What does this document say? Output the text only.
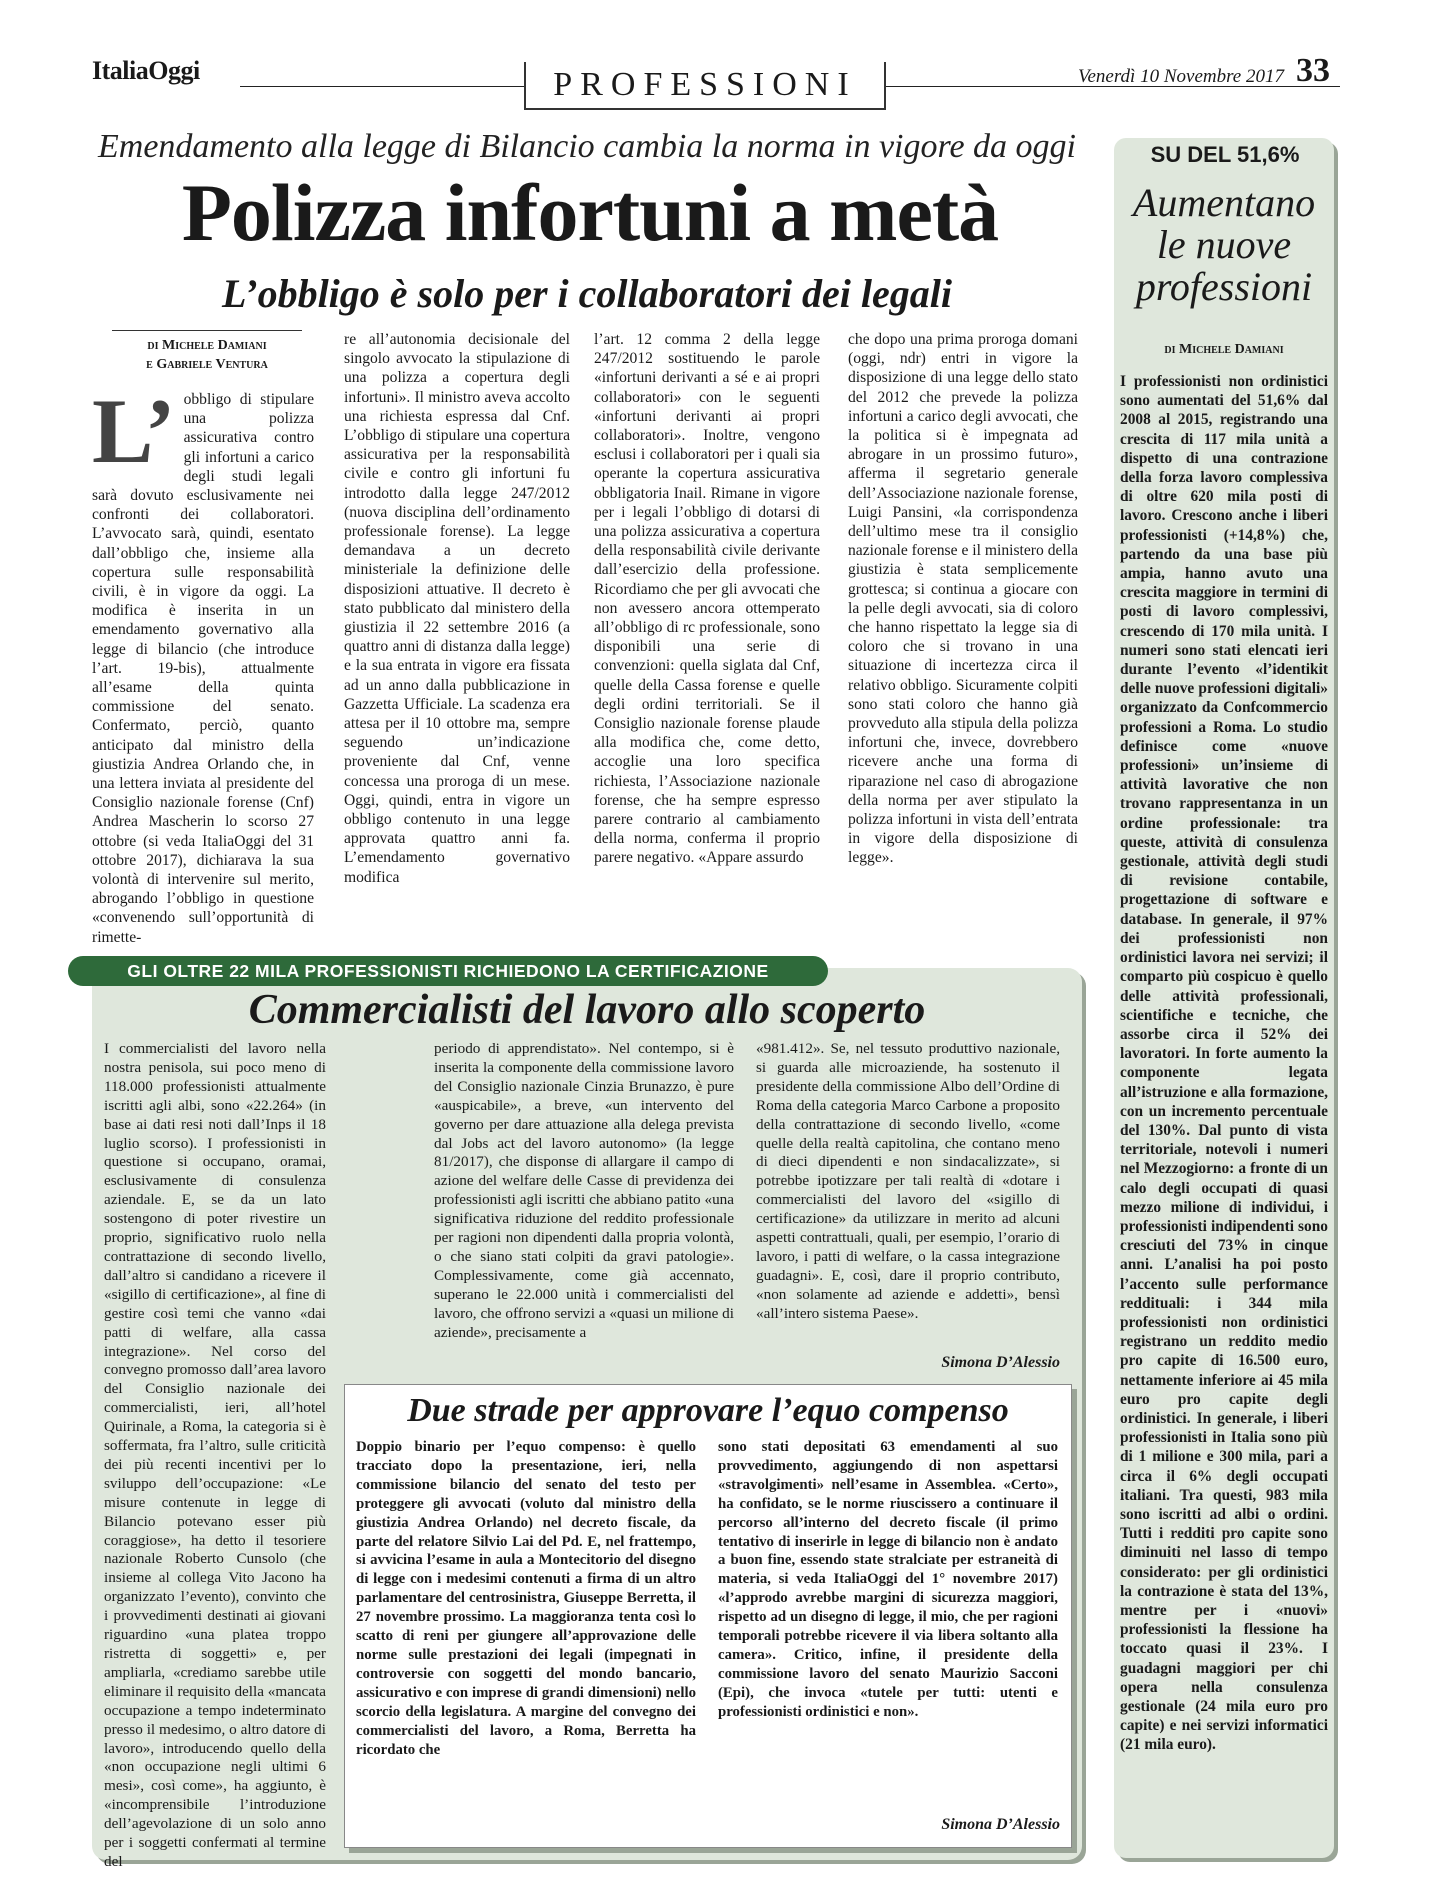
ItaliaOggi	PROFESSIONI	Venerdì 10 Novembre 2017 33
Emendamento alla legge di Bilancio cambia la norma in vigore da oggi
Polizza infortuni a metà
L’obbligo è solo per i collaboratori dei legali
di Michele Damiani
e Gabriele Ventura
L’ obbligo di stipulare una polizza assicurativa contro gli infortuni a carico degli studi legali sarà dovuto esclusivamente nei confronti dei collaboratori. L’avvocato sarà, quindi, esentato dall’obbligo che, insieme alla copertura sulle responsabilità civili, è in vigore da oggi. La modifica è inserita in un emendamento governativo alla legge di bilancio (che introduce l’art. 19-bis), attualmente all’esame della quinta commissione del senato. Confermato, perciò, quanto anticipato dal ministro della giustizia Andrea Orlando che, in una lettera inviata al presidente del Consiglio nazionale forense (Cnf) Andrea Mascherin lo scorso 27 ottobre (si veda ItaliaOggi del 31 ottobre 2017), dichiarava la sua volontà di intervenire sul merito, abrogando l’obbligo in questione «convenendo sull’opportunità di rimette-
re all’autonomia decisionale del singolo avvocato la stipulazione di una polizza a copertura degli infortuni». Il ministro aveva accolto una richiesta espressa dal Cnf. L’obbligo di stipulare una copertura assicurativa per la responsabilità civile e contro gli infortuni fu introdotto dalla legge 247/2012 (nuova disciplina dell’ordinamento professionale forense). La legge demandava a un decreto ministeriale la definizione delle disposizioni attuative. Il decreto è stato pubblicato dal ministero della giustizia il 22 settembre 2016 (a quattro anni di distanza dalla legge) e la sua entrata in vigore era fissata ad un anno dalla pubblicazione in Gazzetta Ufficiale. La scadenza era attesa per il 10 ottobre ma, sempre seguendo un’indicazione proveniente dal Cnf, venne concessa una proroga di un mese. Oggi, quindi, entra in vigore un obbligo contenuto in una legge approvata quattro anni fa. L’emendamento governativo modifica
l’art. 12 comma 2 della legge 247/2012 sostituendo le parole «infortuni derivanti a sé e ai propri collaboratori» con le seguenti «infortuni derivanti ai propri collaboratori». Inoltre, vengono esclusi i collaboratori per i quali sia operante la copertura assicurativa obbligatoria Inail. Rimane in vigore per i legali l’obbligo di dotarsi di una polizza assicurativa a copertura della responsabilità civile derivante dall’esercizio della professione. Ricordiamo che per gli avvocati che non avessero ancora ottemperato all’obbligo di rc professionale, sono disponibili una serie di convenzioni: quella siglata dal Cnf, quelle della Cassa forense e quelle degli ordini territoriali. Se il Consiglio nazionale forense plaude alla modifica che, come detto, accoglie una loro specifica richiesta, l’Associazione nazionale forense, che ha sempre espresso parere contrario al cambiamento della norma, conferma il proprio parere negativo. «Appare assurdo
che dopo una prima proroga domani (oggi, ndr) entri in vigore la disposizione di una legge dello stato del 2012 che prevede la polizza infortuni a carico degli avvocati, che la politica si è impegnata ad abrogare in un prossimo futuro», afferma il segretario generale dell’Associazione nazionale forense, Luigi Pansini, «la corrispondenza dell’ultimo mese tra il consiglio nazionale forense e il ministero della giustizia è stata semplicemente grottesca; si continua a giocare con la pelle degli avvocati, sia di coloro che hanno rispettato la legge sia di coloro che si trovano in una situazione di incertezza circa il relativo obbligo. Sicuramente colpiti sono stati coloro che hanno già provveduto alla stipula della polizza infortuni che, invece, dovrebbero ricevere anche una forma di riparazione nel caso di abrogazione della norma per aver stipulato la polizza infortuni in vista dell’entrata in vigore della disposizione di legge».
SU DEL 51,6%
Aumentano le nuove professioni
di Michele Damiani
I professionisti non ordinistici sono aumentati del 51,6% dal 2008 al 2015, registrando una crescita di 117 mila unità a dispetto di una contrazione della forza lavoro complessiva di oltre 620 mila posti di lavoro. Crescono anche i liberi professionisti (+14,8%) che, partendo da una base più ampia, hanno avuto una crescita maggiore in termini di posti di lavoro complessivi, crescendo di 170 mila unità. I numeri sono stati elencati ieri durante l’evento «l’identikit delle nuove professioni digitali» organizzato da Confcommercio professioni a Roma. Lo studio definisce come «nuove professioni» un’insieme di attività lavorative che non trovano rappresentanza in un ordine professionale: tra queste, attività di consulenza gestionale, attività degli studi di revisione contabile, progettazione di software e database. In generale, il 97% dei professionisti non ordinistici lavora nei servizi; il comparto più cospicuo è quello delle attività professionali, scientifiche e tecniche, che assorbe circa il 52% dei lavoratori. In forte aumento la componente legata all’istruzione e alla formazione, con un incremento percentuale del 130%. Dal punto di vista territoriale, notevoli i numeri nel Mezzogiorno: a fronte di un calo degli occupati di quasi mezzo milione di individui, i professionisti indipendenti sono cresciuti del 73% in cinque anni. L’analisi ha poi posto l’accento sulle performance reddituali: i 344 mila professionisti non ordinistici registrano un reddito medio pro capite di 16.500 euro, nettamente inferiore ai 45 mila euro pro capite degli ordinistici. In generale, i liberi professionisti in Italia sono più di 1 milione e 300 mila, pari a circa il 6% degli occupati italiani. Tra questi, 983 mila sono iscritti ad albi o ordini. Tutti i redditi pro capite sono diminuiti nel lasso di tempo considerato: per gli ordinistici la contrazione è stata del 13%, mentre per i «nuovi» professionisti la flessione ha toccato quasi il 23%. I guadagni maggiori per chi opera nella consulenza gestionale (24 mila euro pro capite) e nei servizi informatici (21 mila euro).
GLI OLTRE 22 MILA PROFESSIONISTI RICHIEDONO LA CERTIFICAZIONE
Commercialisti del lavoro allo scoperto
I commercialisti del lavoro nella nostra penisola, sui poco meno di 118.000 professionisti attualmente iscritti agli albi, sono «22.264» (in base ai dati resi noti dall’Inps il 18 luglio scorso). I professionisti in questione si occupano, oramai, esclusivamente di consulenza aziendale. E, se da un lato sostengono di poter rivestire un proprio, significativo ruolo nella contrattazione di secondo livello, dall’altro si candidano a ricevere il «sigillo di certificazione», al fine di gestire così temi che vanno «dai patti di welfare, alla cassa integrazione». Nel corso del convegno promosso dall’area lavoro del Consiglio nazionale dei commercialisti, ieri, all’hotel Quirinale, a Roma, la categoria si è soffermata, fra l’altro, sulle criticità dei più recenti incentivi per lo sviluppo dell’occupazione: «Le misure contenute in legge di Bilancio potevano esser più coraggiose», ha detto il tesoriere nazionale Roberto Cunsolo (che insieme al collega Vito Jacono ha organizzato l’evento), convinto che i provvedimenti destinati ai giovani riguardino «una platea troppo ristretta di soggetti» e, per ampliarla, «crediamo sarebbe utile eliminare il requisito della «mancata occupazione a tempo indeterminato presso il medesimo, o altro datore di lavoro», introducendo quello della «non occupazione negli ultimi 6 mesi», così come», ha aggiunto, è «incomprensibile l’introduzione dell’agevolazione di un solo anno per i soggetti confermati al termine del
periodo di apprendistato». Nel contempo, si è inserita la componente della commissione lavoro del Consiglio nazionale Cinzia Brunazzo, è pure «auspicabile», a breve, «un intervento del governo per dare attuazione alla delega prevista dal Jobs act del lavoro autonomo» (la legge 81/2017), che disponse di allargare il campo di azione del welfare delle Casse di previdenza dei professionisti agli iscritti che abbiano patito «una significativa riduzione del reddito professionale per ragioni non dipendenti dalla propria volontà, o che siano stati colpiti da gravi patologie». Complessivamente, come già accennato, superano le 22.000 unità i commercialisti del lavoro, che offrono servizi a «quasi un milione di aziende», precisamente a
«981.412». Se, nel tessuto produttivo nazionale, si guarda alle microaziende, ha sostenuto il presidente della commissione Albo dell’Ordine di Roma della categoria Marco Carbone a proposito della contrattazione di secondo livello, «come quelle della realtà capitolina, che contano meno di dieci dipendenti e non sindacalizzate», si potrebbe ipotizzare per tali realtà di «dotare i commercialisti del lavoro del «sigillo di certificazione» da utilizzare in merito ad alcuni aspetti contrattuali, quali, per esempio, l’orario di lavoro, i patti di welfare, o la cassa integrazione guadagni». E, così, dare il proprio contributo, «non solamente ad aziende e addetti», bensì «all’intero sistema Paese».
Simona D’Alessio
Due strade per approvare l’equo compenso
Doppio binario per l’equo compenso: è quello tracciato dopo la presentazione, ieri, nella commissione bilancio del senato del testo per proteggere gli avvocati (voluto dal ministro della giustizia Andrea Orlando) nel decreto fiscale, da parte del relatore Silvio Lai del Pd. E, nel frattempo, si avvicina l’esame in aula a Montecitorio del disegno di legge con i medesimi contenuti a firma di un altro parlamentare del centrosinistra, Giuseppe Berretta, il 27 novembre prossimo. La maggioranza tenta così lo scatto di reni per giungere all’approvazione delle norme sulle prestazioni dei legali (impegnati in controversie con soggetti del mondo bancario, assicurativo e con imprese di grandi dimensioni) nello scorcio della legislatura. A margine del convegno dei commercialisti del lavoro, a Roma, Berretta ha ricordato che
sono stati depositati 63 emendamenti al suo provvedimento, aggiungendo di non aspettarsi «stravolgimenti» nell’esame in Assemblea. «Certo», ha confidato, se le norme riuscissero a continuare il percorso all’interno del decreto fiscale (il primo tentativo di inserirle in legge di bilancio non è andato a buon fine, essendo state stralciate per estraneità di materia, si veda ItaliaOggi del 1° novembre 2017) «l’approdo avrebbe margini di sicurezza maggiori, rispetto ad un disegno di legge, il mio, che per ragioni temporali potrebbe ricevere il via libera soltanto alla camera». Critico, infine, il presidente della commissione lavoro del senato Maurizio Sacconi (Epi), che invoca «tutele per tutti: utenti e professionisti ordinistici e non».
Simona D’Alessio
